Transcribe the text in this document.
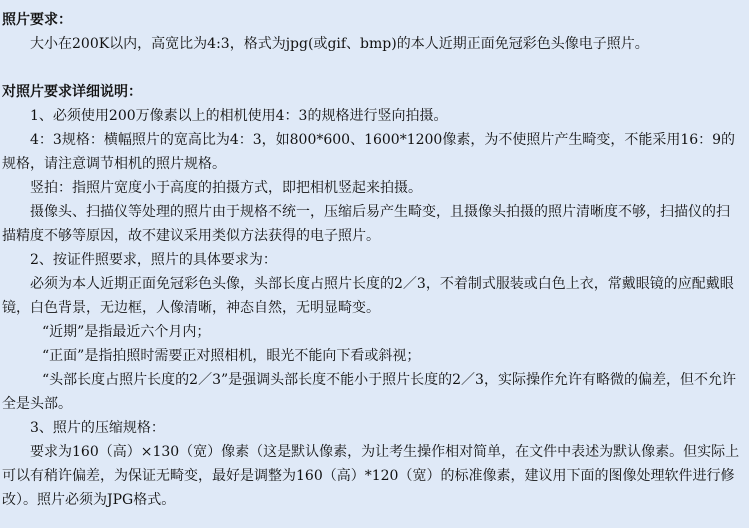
照片要求：

大小在200K以内，高宽比为4:3，格式为jpg(或gif、bmp)的本人近期正面免冠彩色头像电子照片。

对照片要求详细说明：

1、必须使用200万像素以上的相机使用4：3的规格进行竖向拍摄。

4：3规格：横幅照片的宽高比为4：3，如800*600、1600*1200像素，为不使照片产生畸变，不能采用16：9的规格，请注意调节相机的照片规格。

竖拍：指照片宽度小于高度的拍摄方式，即把相机竖起来拍摄。

摄像头、扫描仪等处理的照片由于规格不统一，压缩后易产生畸变，且摄像头拍摄的照片清晰度不够，扫描仪的扫描精度不够等原因，故不建议采用类似方法获得的电子照片。

2、按证件照要求，照片的具体要求为：

必须为本人近期正面免冠彩色头像，头部长度占照片长度的2／3，不着制式服装或白色上衣，常戴眼镜的应配戴眼镜，白色背景，无边框，人像清晰，神态自然，无明显畸变。

“近期”是指最近六个月内；

“正面”是指拍照时需要正对照相机，眼光不能向下看或斜视；

“头部长度占照片长度的2／3”是强调头部长度不能小于照片长度的2／3，实际操作允许有略微的偏差，但不允许全是头部。

3、照片的压缩规格：

要求为160（高）×130（宽）像素（这是默认像素，为让考生操作相对简单，在文件中表述为默认像素。但实际上可以有稍许偏差，为保证无畸变，最好是调整为160（高）*120（宽）的标准像素，建议用下面的图像处理软件进行修改）。照片必须为JPG格式。
